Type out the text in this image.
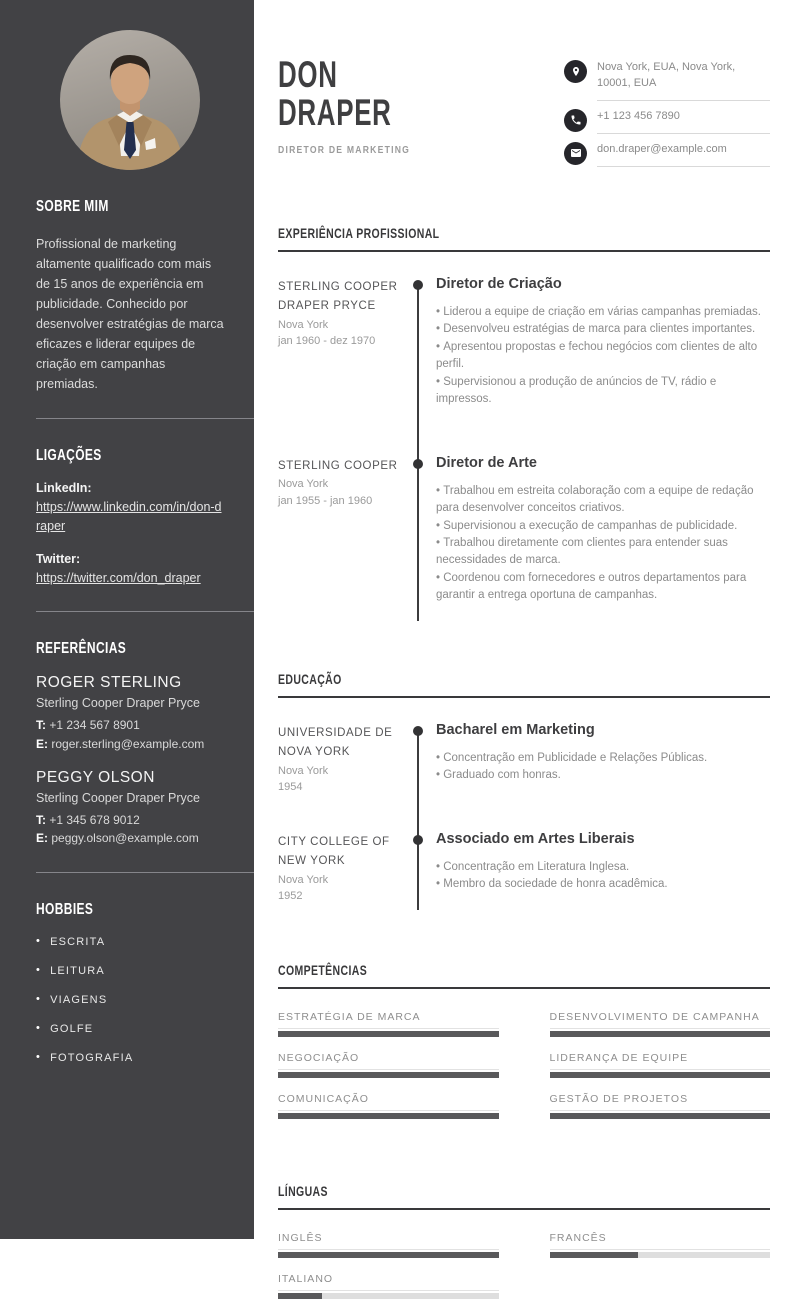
SOBRE MIM

Profissional de marketing altamente qualificado com mais de 15 anos de experiência em publicidade. Conhecido por desenvolver estratégias de marca eficazes e liderar equipes de criação em campanhas premiadas.

LIGAÇÕES
LinkedIn:
https://www.linkedin.com/in/don-draper
Twitter:
https://twitter.com/don_draper
REFERÊNCIAS
ROGER STERLING
Sterling Cooper Draper Pryce
T: +1 234 567 8901
E: roger.sterling@example.com
PEGGY OLSON
Sterling Cooper Draper Pryce
T: +1 345 678 9012
E: peggy.olson@example.com
HOBBIES
• ESCRITA
• LEITURA
• VIAGENS
• GOLFE
• FOTOGRAFIA
DON
DRAPER
DIRETOR DE MARKETING
Nova York, EUA, Nova York, 10001, EUA
+1 123 456 7890
don.draper@example.com
EXPERIÊNCIA PROFISSIONAL
STERLING COOPER DRAPER PRYCE
Nova York
jan 1960 - dez 1970
Diretor de Criação

• Liderou a equipe de criação em várias campanhas premiadas.

• Desenvolveu estratégias de marca para clientes importantes.

• Apresentou propostas e fechou negócios com clientes de alto perfil.

• Supervisionou a produção de anúncios de TV, rádio e impressos.

STERLING COOPER
Nova York
jan 1955 - jan 1960
Diretor de Arte

• Trabalhou em estreita colaboração com a equipe de redação para desenvolver conceitos criativos.

• Supervisionou a execução de campanhas de publicidade.

• Trabalhou diretamente com clientes para entender suas necessidades de marca.

• Coordenou com fornecedores e outros departamentos para garantir a entrega oportuna de campanhas.

EDUCAÇÃO
UNIVERSIDADE DE NOVA YORK
Nova York
1954
Bacharel em Marketing

• Concentração em Publicidade e Relações Públicas.

• Graduado com honras.

CITY COLLEGE OF NEW YORK
Nova York
1952
Associado em Artes Liberais

• Concentração em Literatura Inglesa.

• Membro da sociedade de honra acadêmica.

COMPETÊNCIAS
ESTRATÉGIA DE MARCA	DESENVOLVIMENTO DE CAMPANHA
NEGOCIAÇÃO	LIDERANÇA DE EQUIPE
COMUNICAÇÃO	GESTÃO DE PROJETOS
LÍNGUAS
INGLÊS	FRANCÊS
ITALIANO
